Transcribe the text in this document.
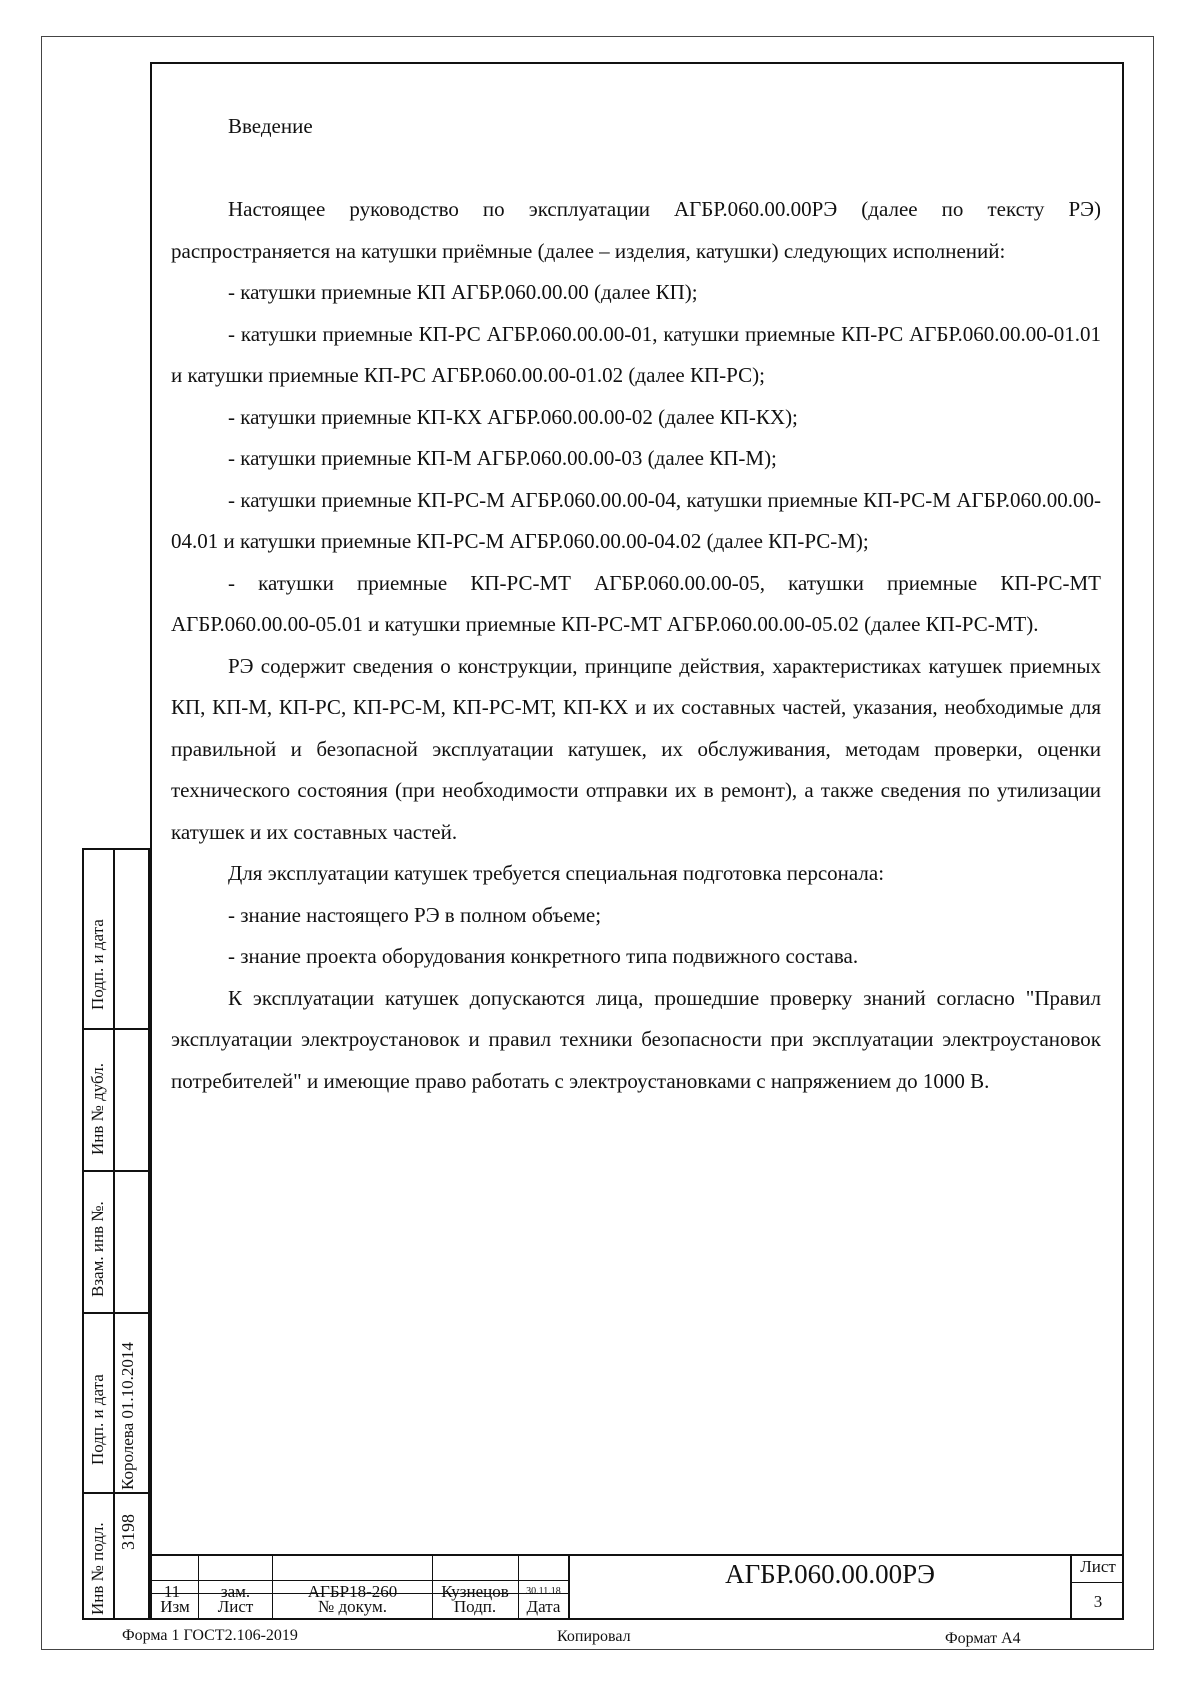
Введение

Настоящее руководство по эксплуатации АГБР.060.00.00РЭ (далее по тексту РЭ) распространяется на катушки приёмные (далее – изделия, катушки) следующих исполнений:

- катушки приемные КП АГБР.060.00.00 (далее КП);

- катушки приемные КП-РС АГБР.060.00.00-01, катушки приемные КП-РС АГБР.060.00.00-01.01 и катушки приемные КП-РС АГБР.060.00.00-01.02 (далее КП-РС);

- катушки приемные КП-КХ АГБР.060.00.00-02 (далее КП-КХ);

- катушки приемные КП-М АГБР.060.00.00-03 (далее КП-М);

- катушки приемные КП-РС-М АГБР.060.00.00-04, катушки приемные КП-РС-М АГБР.060.00.00-04.01 и катушки приемные КП-РС-М АГБР.060.00.00-04.02 (далее КП-РС-М);

- катушки приемные КП-РС-МТ АГБР.060.00.00-05, катушки приемные КП-РС-МТ АГБР.060.00.00-05.01 и катушки приемные КП-РС-МТ АГБР.060.00.00-05.02 (далее КП-РС-МТ).

РЭ содержит сведения о конструкции, принципе действия, характеристиках катушек приемных КП, КП-М, КП-РС, КП-РС-М, КП-РС-МТ, КП-КХ и их составных частей, указания, необходимые для правильной и безопасной эксплуатации катушек, их обслуживания, методам проверки, оценки технического состояния (при необходимости отправки их в ремонт), а также сведения по утилизации катушек и их составных частей.

Для эксплуатации катушек требуется специальная подготовка персонала:

- знание настоящего РЭ в полном объеме;

- знание проекта оборудования конкретного типа подвижного состава.

К эксплуатации катушек допускаются лица, прошедшие проверку знаний согласно "Правил эксплуатации электроустановок и правил техники безопасности при эксплуатации электроустановок потребителей" и имеющие право работать с электроустановками с напряжением до 1000 В.

Подп. и дата
Инв № дубл.
Взам. инв №.
Подп. и дата Королева 01.10.2014
Инв № подл. 3198
11	зам.	АГБР18-260	Кузнецов	30.11.18
Изм	Лист	№ докум.	Подп.	Дата
АГБР.060.00.00РЭ	Лист
3
Форма 1 ГОСТ2.106-2019	Копировал	Формат А4
